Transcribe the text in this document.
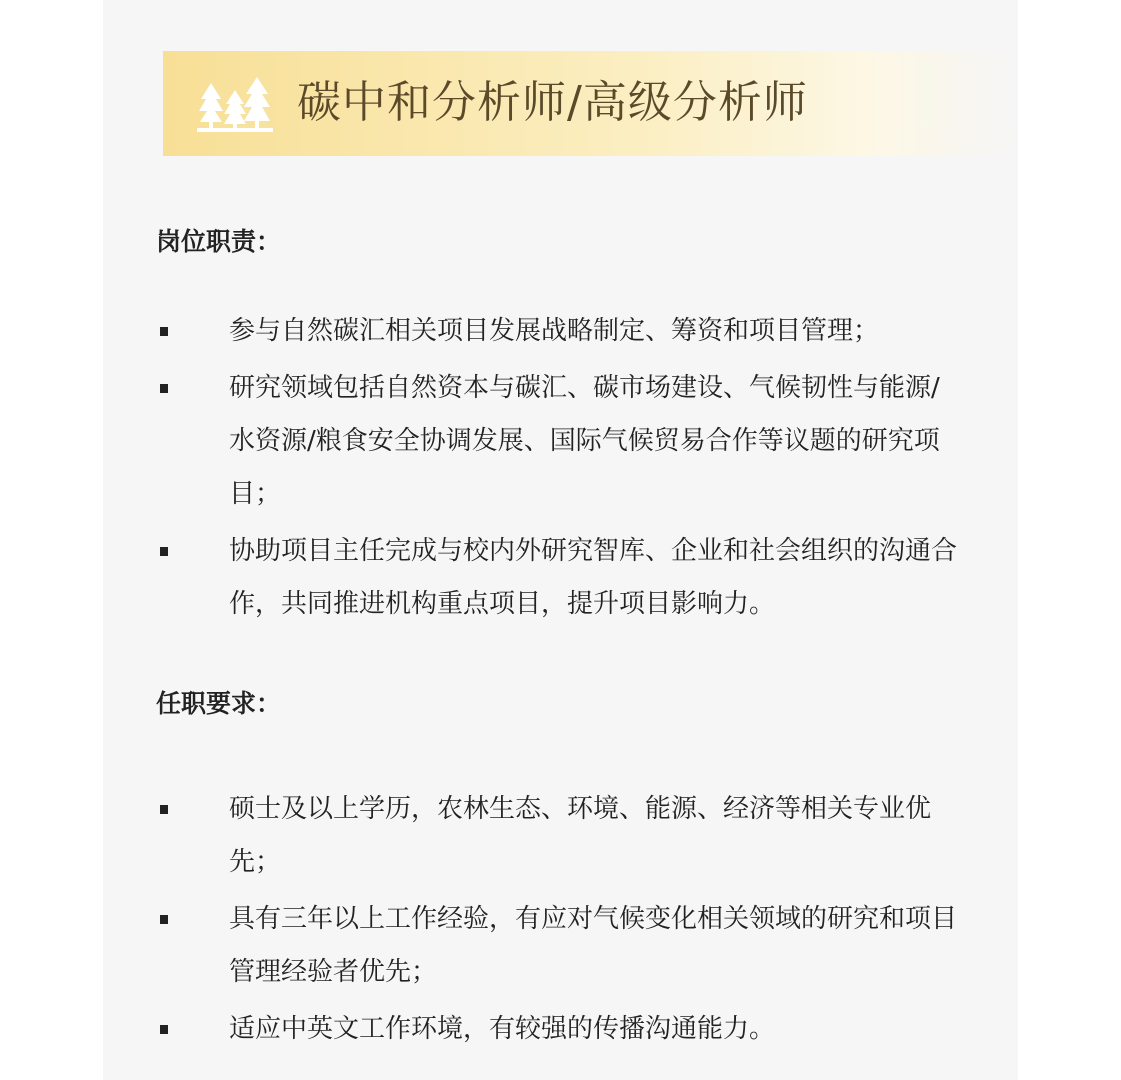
碳中和分析师/高级分析师
岗位职责：
参与自然碳汇相关项目发展战略制定、筹资和项目管理；
研究领域包括自然资本与碳汇、碳市场建设、气候韧性与能源/水资源/粮食安全协调发展、国际气候贸易合作等议题的研究项目；
协助项目主任完成与校内外研究智库、企业和社会组织的沟通合作，共同推进机构重点项目，提升项目影响力。
任职要求：
硕士及以上学历，农林生态、环境、能源、经济等相关专业优先；
具有三年以上工作经验，有应对气候变化相关领域的研究和项目管理经验者优先；
适应中英文工作环境，有较强的传播沟通能力。
